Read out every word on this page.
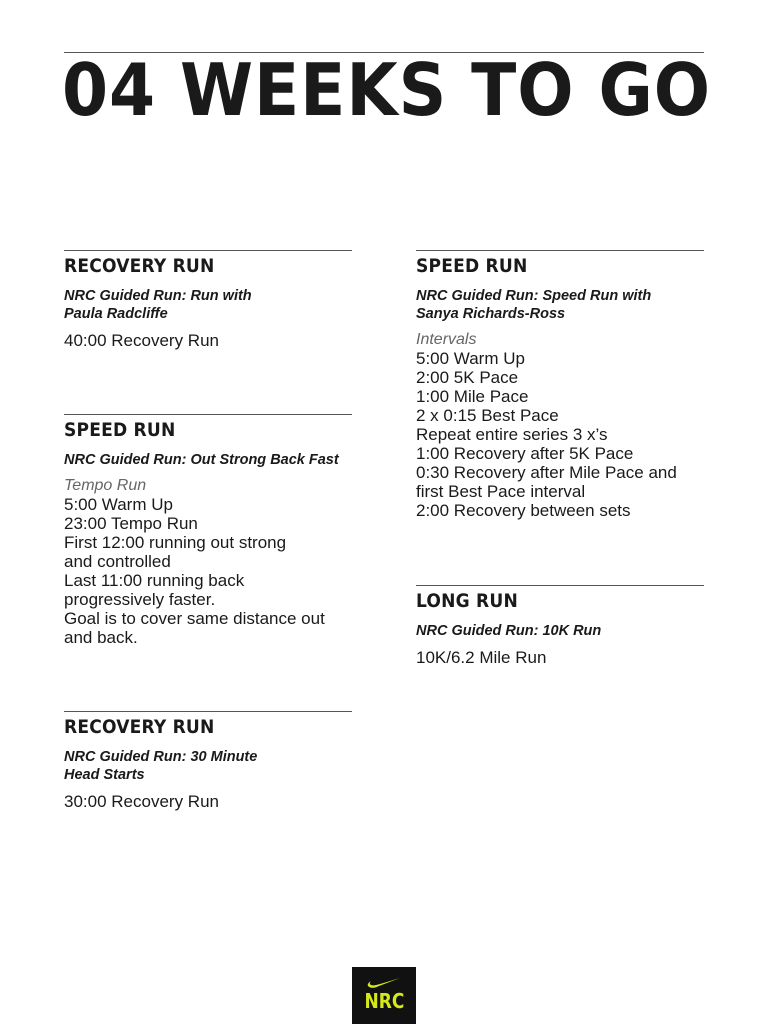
04 WEEKS TO GO
RECOVERY RUN

NRC Guided Run: Run with
Paula Radcliffe

40:00 Recovery Run
SPEED RUN

NRC Guided Run: Out Strong Back Fast

Tempo Run
5:00 Warm Up
23:00 Tempo Run
First 12:00 running out strong
and controlled
Last 11:00 running back
progressively faster.
Goal is to cover same distance out
and back.
RECOVERY RUN

NRC Guided Run: 30 Minute
Head Starts

30:00 Recovery Run
SPEED RUN

NRC Guided Run: Speed Run with
Sanya Richards-Ross

Intervals
5:00 Warm Up
2:00 5K Pace
1:00 Mile Pace
2 x 0:15 Best Pace
Repeat entire series 3 x’s
1:00 Recovery after 5K Pace
0:30 Recovery after Mile Pace and
first Best Pace interval
2:00 Recovery between sets
LONG RUN

NRC Guided Run: 10K Run

10K/6.2 Mile Run
NRC
